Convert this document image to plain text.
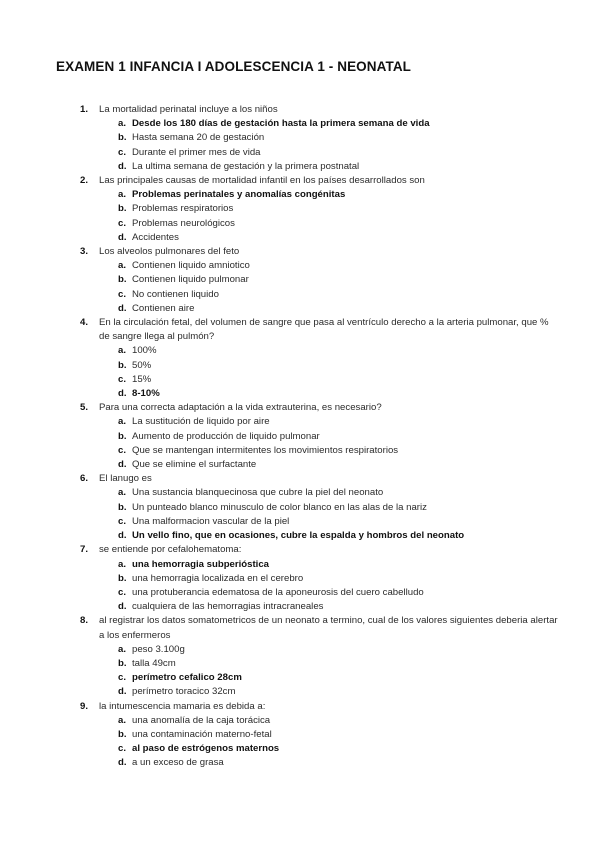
EXAMEN 1 INFANCIA I ADOLESCENCIA 1 - NEONATAL
1.	La mortalidad perinatal incluye a los niños
a. Desde los 180 días de gestación hasta la primera semana de vida
b. Hasta semana 20 de gestación
c. Durante el primer mes de vida
d. La ultima semana de gestación y la primera postnatal
2.	Las principales causas de mortalidad infantil en los países desarrollados son
a. Problemas perinatales y anomalías congénitas
b. Problemas respiratorios
c. Problemas neurológicos
d. Accidentes
3.	Los alveolos pulmonares del feto
a. Contienen liquido amniotico
b. Contienen liquido pulmonar
c. No contienen liquido
d. Contienen aire
4.	En la circulación fetal, del volumen de sangre que pasa al ventrículo derecho a la arteria pulmonar, que % de sangre llega al pulmón?
a. 100%
b. 50%
c. 15%
d. 8-10%
5.	Para una correcta adaptación a la vida extrauterina, es necesario?
a. La sustitución de liquido por aire
b. Aumento de producción de liquido pulmonar
c. Que se mantengan intermitentes los movimientos respiratorios
d. Que se elimine el surfactante
6.	El lanugo es
a. Una sustancia blanquecinosa que cubre la piel del neonato
b. Un punteado blanco minusculo de color blanco en las alas de la nariz
c. Una malformacion vascular de la piel
d. Un vello fino, que en ocasiones, cubre la espalda y hombros del neonato
7.	se entiende por cefalohematoma:
a. una hemorragia subperióstica
b. una hemorragia localizada en el cerebro
c. una protuberancia edematosa de la aponeurosis del cuero cabelludo
d. cualquiera de las hemorragias intracraneales
8.	al registrar los datos somatometricos de un neonato a termino, cual de los valores siguientes deberia alertar a los enfermeros
a. peso 3.100g
b. talla 49cm
c. perímetro cefalico 28cm
d. perímetro toracico 32cm
9.	la intumescencia mamaria es debida a:
a. una anomalía de la caja torácica
b. una contaminación materno-fetal
c. al paso de estrógenos maternos
d. a un exceso de grasa
